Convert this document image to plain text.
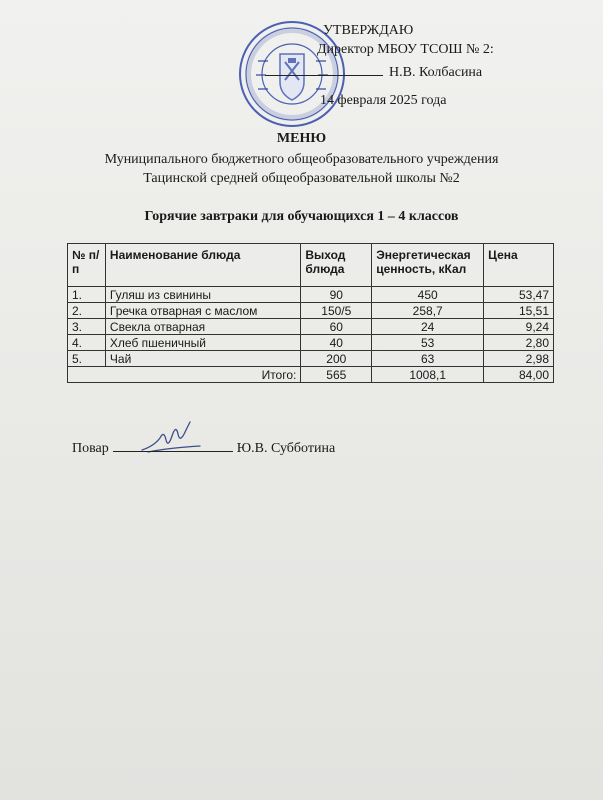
УТВЕРЖДАЮ
Директор МБОУ ТСОШ № 2:
Н.В. Колбасина
14 февраля 2025 года
МЕНЮ
Муниципального бюджетного общеобразовательного учреждения
Тацинской средней общеобразовательной школы №2
Горячие завтраки для обучающихся 1 – 4 классов
№ п/п	Наименование блюда	Выход блюда	Энергетическая ценность, кКал	Цена
1.	Гуляш из свинины	90	450	53,47
2.	Гречка отварная с маслом	150/5	258,7	15,51
3.	Свекла отварная	60	24	9,24
4.	Хлеб пшеничный	40	53	2,80
5.	Чай	200	63	2,98
Итого:		565	1008,1	84,00
Повар	Ю.В. Субботина
